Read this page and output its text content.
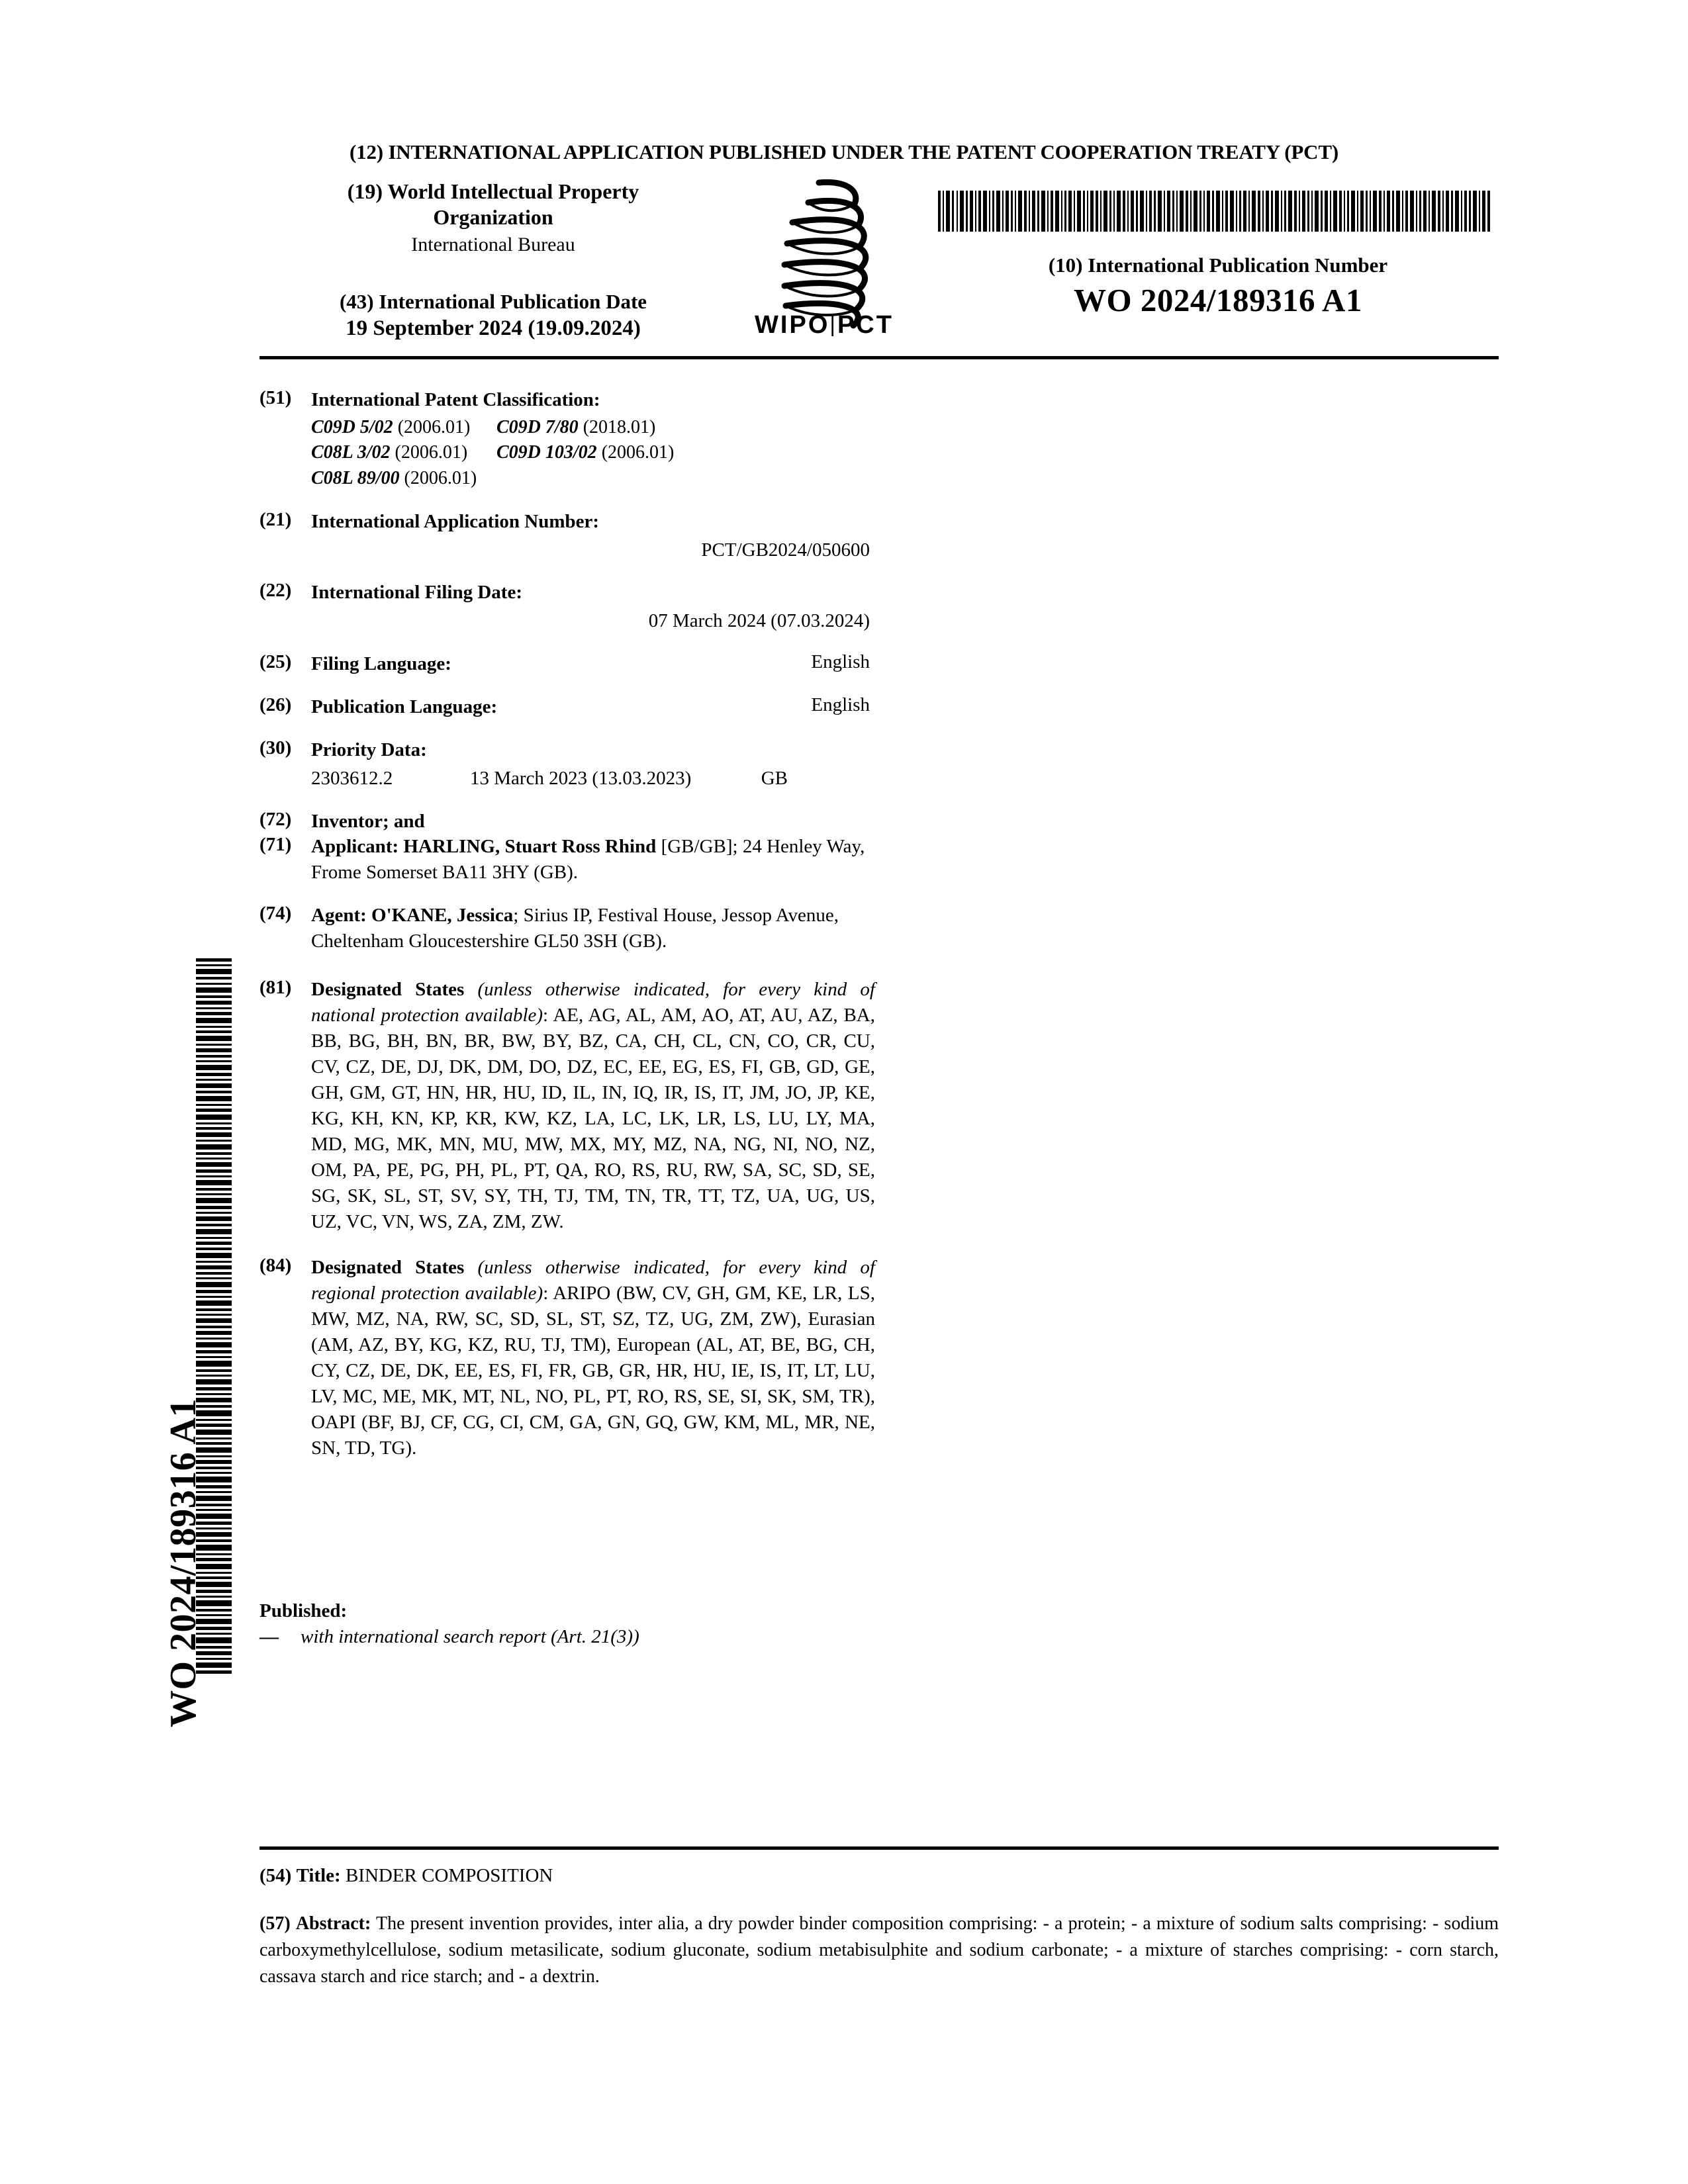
(12) INTERNATIONAL APPLICATION PUBLISHED UNDER THE PATENT COOPERATION TREATY (PCT)
(19) World Intellectual Property
Organization
International Bureau
(43) International Publication Date
19 September 2024 (19.09.2024)	WIPO|PCT
(10) International Publication Number
WO 2024/189316 A1
WO 2024/189316 A1
(51)	International Patent Classification:
C09D 5/02 (2006.01)	C09D 7/80 (2018.01)
C08L 3/02 (2006.01)	C09D 103/02 (2006.01)
C08L 89/00 (2006.01)
(21)	International Application Number:
PCT/GB2024/050600
(22)	International Filing Date:
07 March 2024 (07.03.2024)
(25)	Filing Language:	English
(26)	Publication Language:	English
(30)	Priority Data:
2303612.2	13 March 2023 (13.03.2023)	GB
(72)	Inventor; and
(71)	Applicant: HARLING, Stuart Ross Rhind [GB/GB]; 24 Henley Way, Frome Somerset BA11 3HY (GB).
(74)	Agent: O'KANE, Jessica; Sirius IP, Festival House, Jessop Avenue, Cheltenham Gloucestershire GL50 3SH (GB).
(81)	Designated States (unless otherwise indicated, for every kind of national protection available): AE, AG, AL, AM, AO, AT, AU, AZ, BA, BB, BG, BH, BN, BR, BW, BY, BZ, CA, CH, CL, CN, CO, CR, CU, CV, CZ, DE, DJ, DK, DM, DO, DZ, EC, EE, EG, ES, FI, GB, GD, GE, GH, GM, GT, HN, HR, HU, ID, IL, IN, IQ, IR, IS, IT, JM, JO, JP, KE, KG, KH, KN, KP, KR, KW, KZ, LA, LC, LK, LR, LS, LU, LY, MA, MD, MG, MK, MN, MU, MW, MX, MY, MZ, NA, NG, NI, NO, NZ, OM, PA, PE, PG, PH, PL, PT, QA, RO, RS, RU, RW, SA, SC, SD, SE, SG, SK, SL, ST, SV, SY, TH, TJ, TM, TN, TR, TT, TZ, UA, UG, US, UZ, VC, VN, WS, ZA, ZM, ZW.
(84)	Designated States (unless otherwise indicated, for every kind of regional protection available): ARIPO (BW, CV, GH, GM, KE, LR, LS, MW, MZ, NA, RW, SC, SD, SL, ST, SZ, TZ, UG, ZM, ZW), Eurasian (AM, AZ, BY, KG, KZ, RU, TJ, TM), European (AL, AT, BE, BG, CH, CY, CZ, DE, DK, EE, ES, FI, FR, GB, GR, HR, HU, IE, IS, IT, LT, LU, LV, MC, ME, MK, MT, NL, NO, PL, PT, RO, RS, SE, SI, SK, SM, TR), OAPI (BF, BJ, CF, CG, CI, CM, GA, GN, GQ, GW, KM, ML, MR, NE, SN, TD, TG).
Published:
— with international search report (Art. 21(3))
(54) Title: BINDER COMPOSITION
(57) Abstract: The present invention provides, inter alia, a dry powder binder composition comprising: - a protein; - a mixture of sodium salts comprising: - sodium carboxymethylcellulose, sodium metasilicate, sodium gluconate, sodium metabisulphite and sodium carbonate; - a mixture of starches comprising: - corn starch, cassava starch and rice starch; and - a dextrin.
